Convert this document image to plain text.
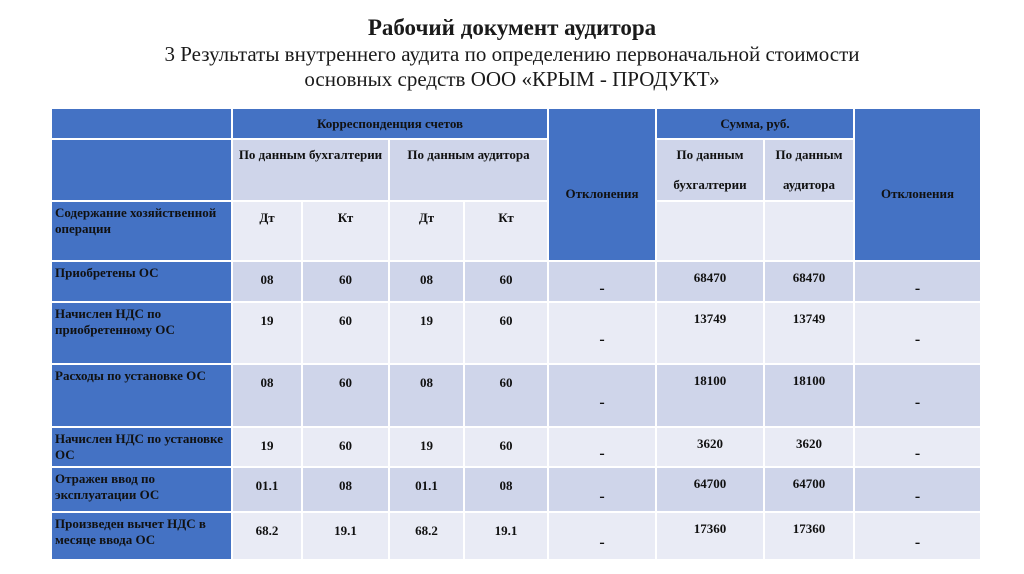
Рабочий документ аудитора
3 Результаты внутреннего аудита по определению первоначальной стоимости
основных средств ООО «КРЫМ - ПРОДУКТ»
	Корреспонденция счетов				Отклонения	Сумма, руб.		Отклонения
	По данным бухгалтерии		По данным аудитора			По данным бухгалтерии	По данным аудитора	
Содержание хозяйственной операции	Дт	Кт	Дт	Кт				
Приобретены ОС	08	60	08	60	-	68470	68470	-
Начислен НДС по приобретенному ОС	19	60	19	60	-	13749	13749	-
Расходы по установке ОС	08	60	08	60	-	18100	18100	-
Начислен НДС по установке ОС	19	60	19	60	-	3620	3620	-
Отражен ввод по эксплуатации ОС	01.1	08	01.1	08	-	64700	64700	-
Произведен вычет НДС в месяце ввода ОС	68.2	19.1	68.2	19.1	-	17360	17360	-
